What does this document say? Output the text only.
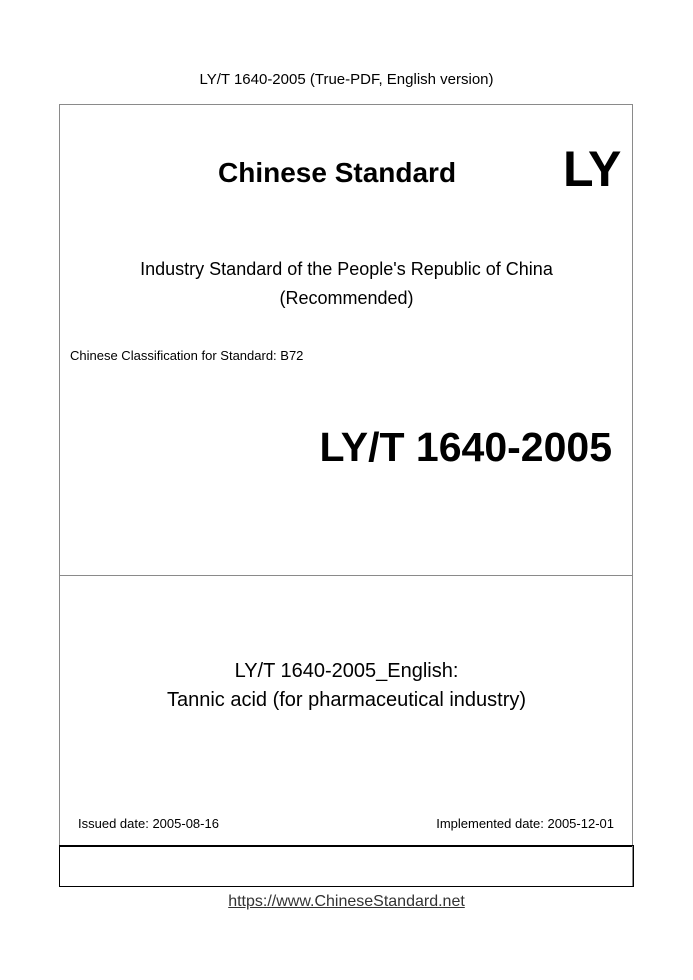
LY/T 1640-2005 (True-PDF, English version)
Chinese Standard LY
Industry Standard of the People's Republic of China
(Recommended)
Chinese Classification for Standard: B72
LY/T 1640-2005
LY/T 1640-2005_English:
Tannic acid (for pharmaceutical industry)
Issued date: 2005-08-16	Implemented date: 2005-12-01
https://www.ChineseStandard.net
